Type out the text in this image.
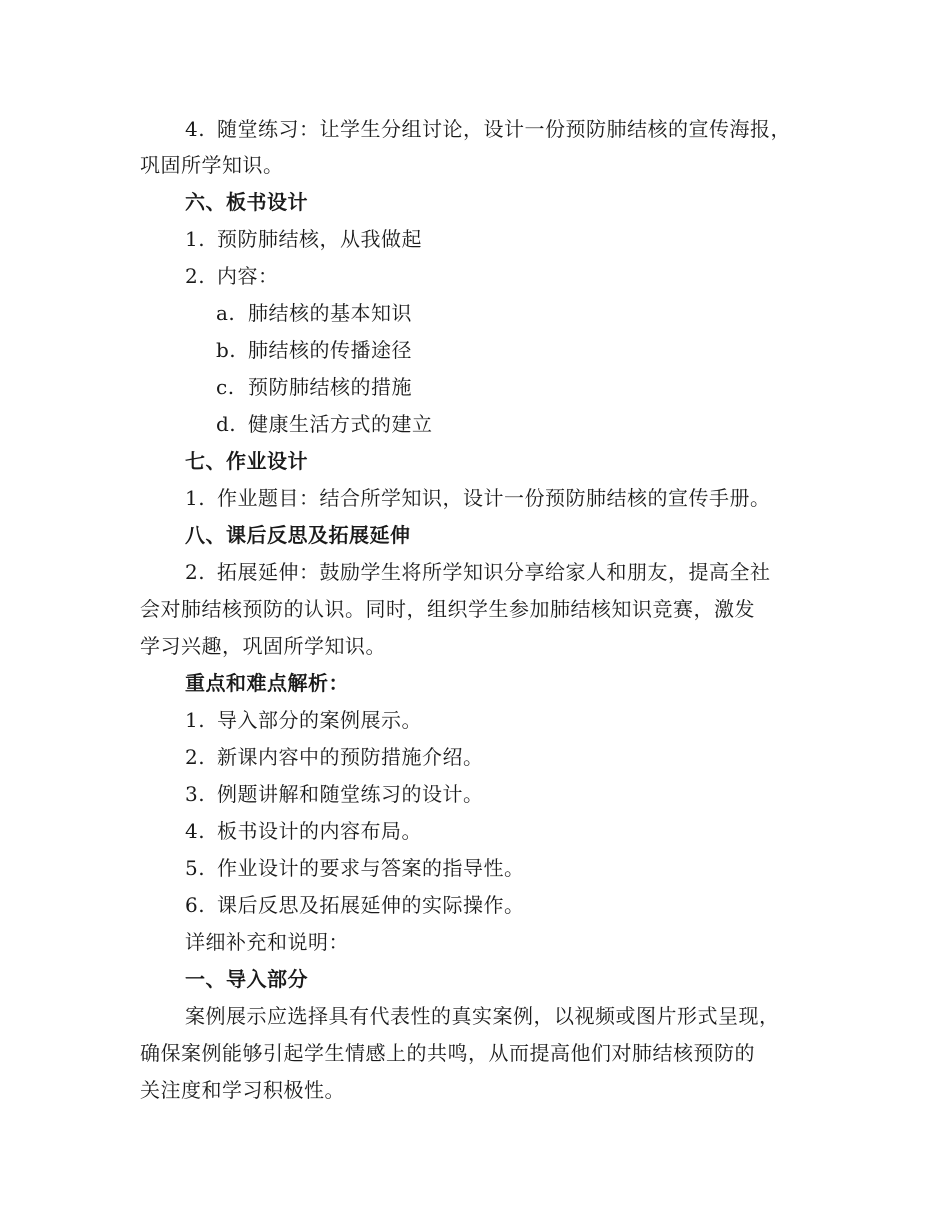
4. 随堂练习：让学生分组讨论，设计一份预防肺结核的宣传海报，
巩固所学知识。
六、板书设计
1. 预防肺结核，从我做起
2. 内容：
a. 肺结核的基本知识
b. 肺结核的传播途径
c. 预防肺结核的措施
d. 健康生活方式的建立
七、作业设计
1. 作业题目：结合所学知识，设计一份预防肺结核的宣传手册。
八、课后反思及拓展延伸
2. 拓展延伸：鼓励学生将所学知识分享给家人和朋友，提高全社
会对肺结核预防的认识。同时，组织学生参加肺结核知识竞赛，激发
学习兴趣，巩固所学知识。
重点和难点解析：
1. 导入部分的案例展示。
2. 新课内容中的预防措施介绍。
3. 例题讲解和随堂练习的设计。
4. 板书设计的内容布局。
5. 作业设计的要求与答案的指导性。
6. 课后反思及拓展延伸的实际操作。
详细补充和说明：
一、导入部分
案例展示应选择具有代表性的真实案例，以视频或图片形式呈现，
确保案例能够引起学生情感上的共鸣，从而提高他们对肺结核预防的
关注度和学习积极性。
